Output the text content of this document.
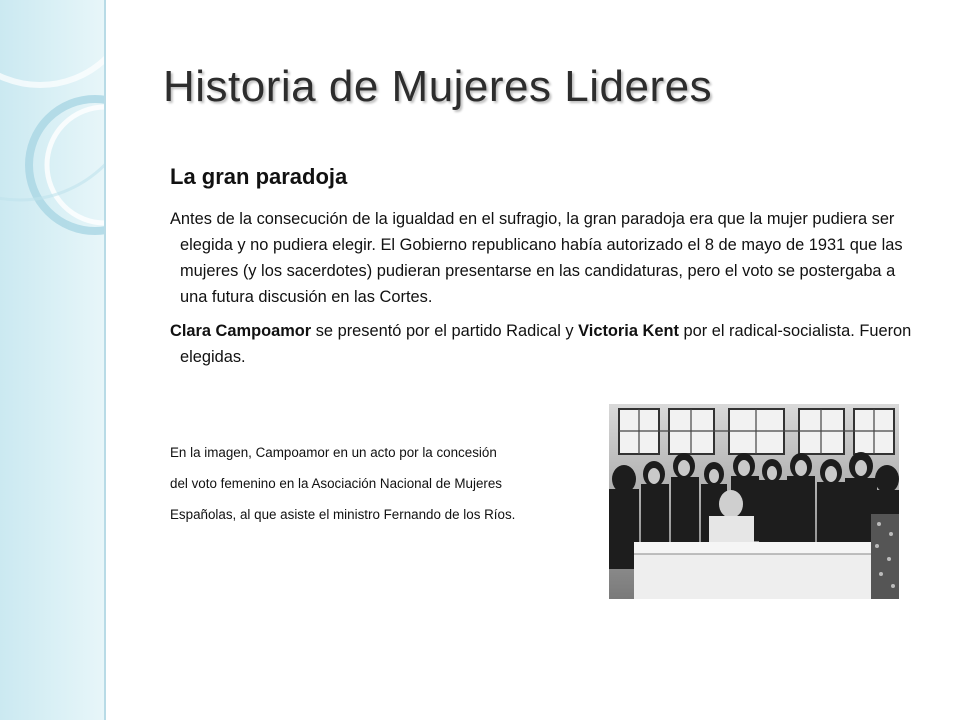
Historia de Mujeres Lideres
La gran paradoja

Antes de la consecución de la igualdad en el sufragio, la gran paradoja era que la mujer pudiera ser elegida y no pudiera elegir. El Gobierno republicano había autorizado el 8 de mayo de 1931 que las mujeres (y los sacerdotes) pudieran presentarse en las candidaturas, pero el voto se postergaba a una futura discusión en las Cortes.

Clara Campoamor se presentó por el partido Radical y Victoria Kent por el radical-socialista. Fueron elegidas.

En la imagen, Campoamor en un acto por la concesión

del voto femenino en la Asociación Nacional de Mujeres

Españolas, al que asiste el ministro Fernando de los Ríos.
